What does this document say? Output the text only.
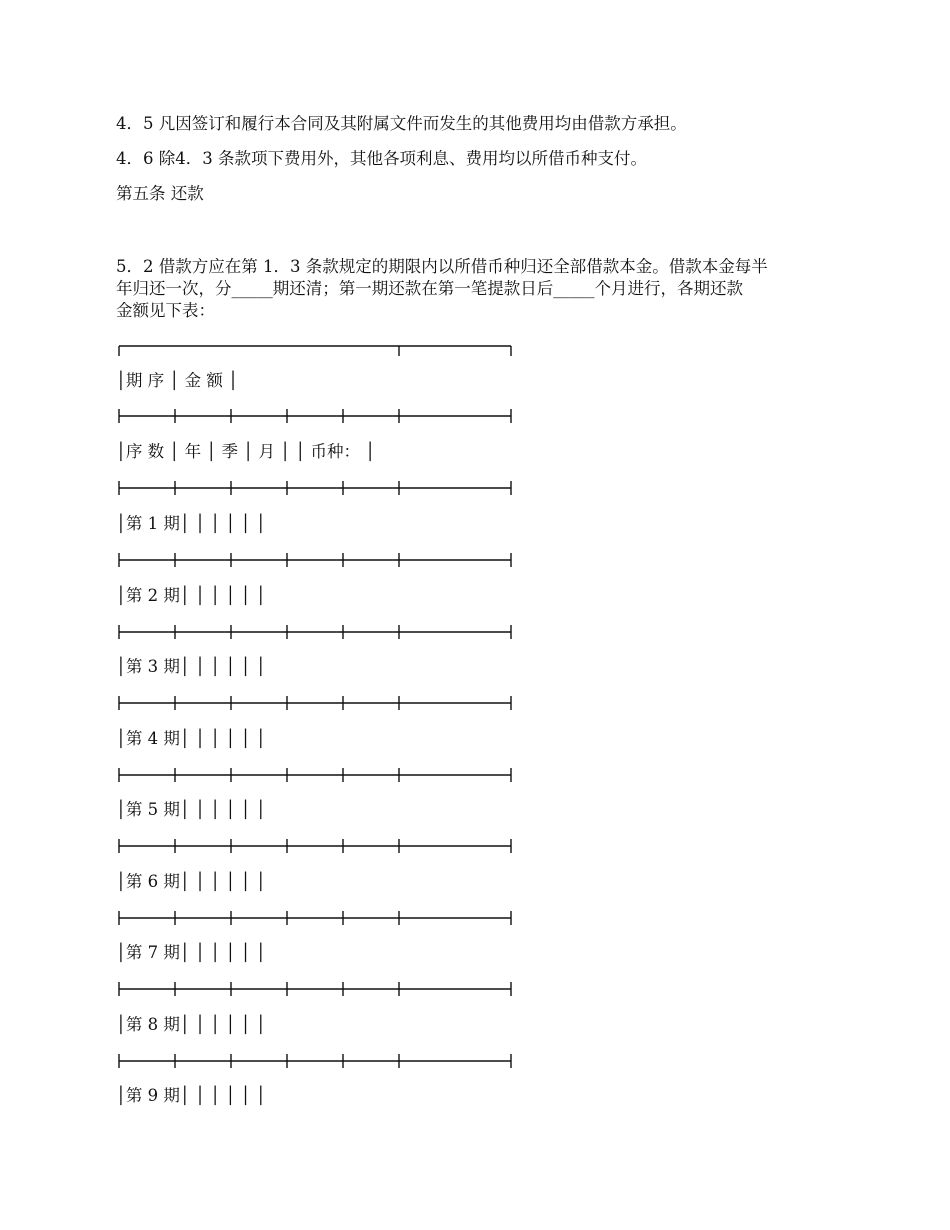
4．5 凡因签订和履行本合同及其附属文件而发生的其他费用均由借款方承担。
4．6 除4．3 条款项下费用外，其他各项利息、费用均以所借币种支付。
第五条 还款
5．2 借款方应在第 1．3 条款规定的期限内以所借币种归还全部借款本金。借款本金每半
年归还一次，分_____期还清；第一期还款在第一笔提款日后_____个月进行，各期还款
金额见下表：
│期 序 │ 金 额 │
│序 数 │ 年 │ 季 │ 月 │ │ 币种： │
│第 1 期│ │ │ │ │ │
│第 2 期│ │ │ │ │ │
│第 3 期│ │ │ │ │ │
│第 4 期│ │ │ │ │ │
│第 5 期│ │ │ │ │ │
│第 6 期│ │ │ │ │ │
│第 7 期│ │ │ │ │ │
│第 8 期│ │ │ │ │ │
│第 9 期│ │ │ │ │ │
